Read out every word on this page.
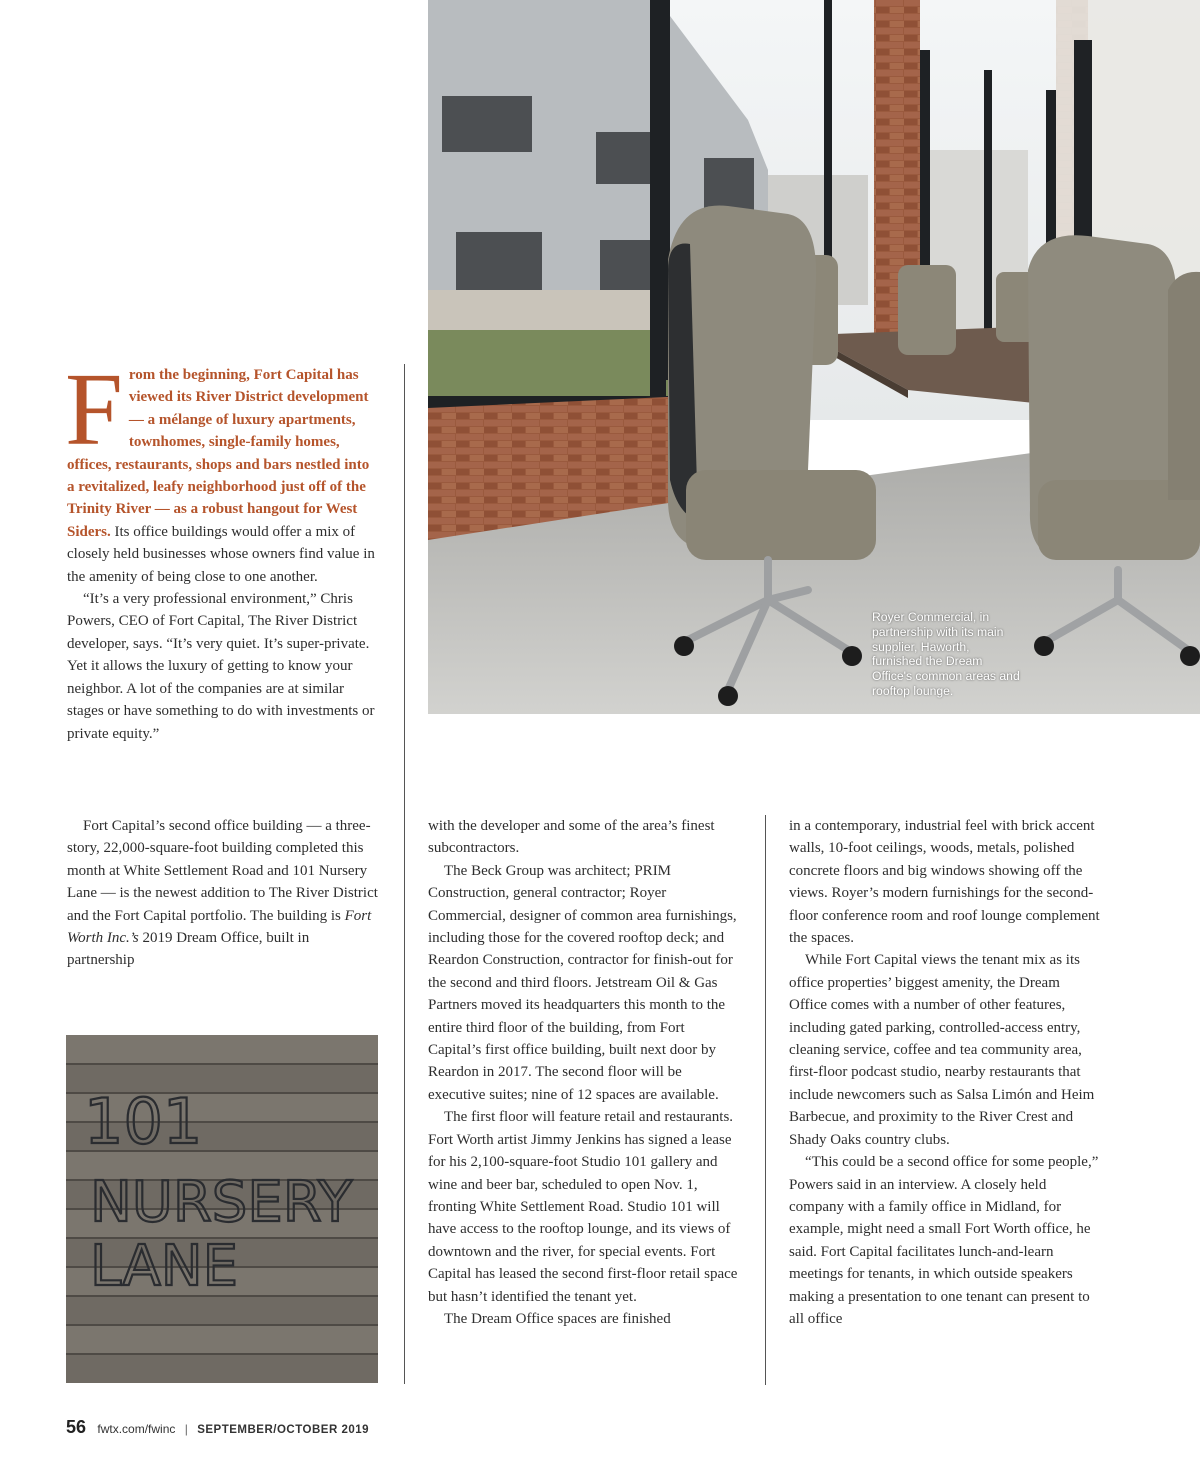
Royer Commercial, in partnership with its main supplier, Haworth, furnished the Dream Office's common areas and rooftop lounge.

F rom the beginning, Fort Capital has viewed its River District development — a mélange of luxury apartments, townhomes, single-family homes, offices, restaurants, shops and bars nestled into a revitalized, leafy neighborhood just off of the Trinity River — as a robust hangout for West Siders. Its office buildings would offer a mix of closely held businesses whose owners find value in the amenity of being close to one another.

“It’s a very professional environment,” Chris Powers, CEO of Fort Capital, The River District developer, says. “It’s very quiet. It’s super-private. Yet it allows the luxury of getting to know your neighbor. A lot of the companies are at similar stages or have something to do with investments or private equity.”

Fort Capital’s second office building — a three-story, 22,000-square-foot building completed this month at White Settlement Road and 101 Nursery Lane — is the newest addition to The River District and the Fort Capital portfolio. The building is Fort Worth Inc.’s 2019 Dream Office, built in partnership

101
NURSERY
LANE

with the developer and some of the area’s finest subcontractors.

The Beck Group was architect; PRIM Construction, general contractor; Royer Commercial, designer of common area furnishings, including those for the covered rooftop deck; and Reardon Construction, contractor for finish-out for the second and third floors. Jetstream Oil & Gas Partners moved its headquarters this month to the entire third floor of the building, from Fort Capital’s first office building, built next door by Reardon in 2017. The second floor will be executive suites; nine of 12 spaces are available.

The first floor will feature retail and restaurants. Fort Worth artist Jimmy Jenkins has signed a lease for his 2,100-square-foot Studio 101 gallery and wine and beer bar, scheduled to open Nov. 1, fronting White Settlement Road. Studio 101 will have access to the rooftop lounge, and its views of downtown and the river, for special events. Fort Capital has leased the second first-floor retail space but hasn’t identified the tenant yet.

The Dream Office spaces are finished

in a contemporary, industrial feel with brick accent walls, 10-foot ceilings, woods, metals, polished concrete floors and big windows showing off the views. Royer’s modern furnishings for the second-floor conference room and roof lounge complement the spaces.

While Fort Capital views the tenant mix as its office properties’ biggest amenity, the Dream Office comes with a number of other features, including gated parking, controlled-access entry, cleaning service, coffee and tea community area, first-floor podcast studio, nearby restaurants that include newcomers such as Salsa Limón and Heim Barbecue, and proximity to the River Crest and Shady Oaks country clubs.

“This could be a second office for some people,” Powers said in an interview. A closely held company with a family office in Midland, for example, might need a small Fort Worth office, he said. Fort Capital facilitates lunch-and-learn meetings for tenants, in which outside speakers making a presentation to one tenant can present to all office

56 fwtx.com/fwinc | SEPTEMBER/OCTOBER 2019
